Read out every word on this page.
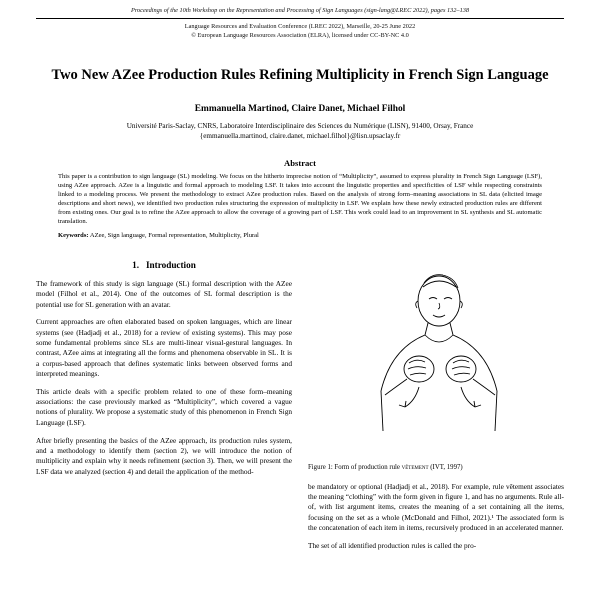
Proceedings of the 10th Workshop on the Representation and Processing of Sign Languages (sign-lang@LREC 2022), pages 132–138
Language Resources and Evaluation Conference (LREC 2022), Marseille, 20-25 June 2022
© European Language Resources Association (ELRA), licensed under CC-BY-NC 4.0
Two New AZee Production Rules Refining Multiplicity in French Sign Language
Emmanuella Martinod, Claire Danet, Michael Filhol
Université Paris-Saclay, CNRS, Laboratoire Interdisciplinaire des Sciences du Numérique (LISN), 91400, Orsay, France
{emmanuella.martinod, claire.danet, michael.filhol}@lisn.upsaclay.fr
Abstract
This paper is a contribution to sign language (SL) modeling. We focus on the hitherto imprecise notion of “Multiplicity”, assumed to express plurality in French Sign Language (LSF), using AZee approach. AZee is a linguistic and formal approach to modeling LSF. It takes into account the linguistic properties and specificities of LSF while respecting constraints linked to a modeling process. We present the methodology to extract AZee production rules. Based on the analysis of strong form–meaning associations in SL data (elicited image descriptions and short news), we identified two production rules structuring the expression of multiplicity in LSF. We explain how these newly extracted production rules are different from existing ones. Our goal is to refine the AZee approach to allow the coverage of a growing part of LSF. This work could lead to an improvement in SL synthesis and SL automatic translation.
Keywords: AZee, Sign language, Formal representation, Multiplicity, Plural
1. Introduction

The framework of this study is sign language (SL) formal description with the AZee model (Filhol et al., 2014). One of the outcomes of SL formal description is the potential use for SL generation with an avatar.

Current approaches are often elaborated based on spoken languages, which are linear systems (see (Hadjadj et al., 2018) for a review of existing systems). This may pose some fundamental problems since SLs are multi-linear visual-gestural languages. In contrast, AZee aims at integrating all the forms and phenomena observable in SL. It is a corpus-based approach that defines systematic links between observed forms and interpreted meanings.

This article deals with a specific problem related to one of these form–meaning associations: the case previously marked as “Multiplicity”, which covered a vague notions of plurality. We propose a systematic study of this phenomenon in French Sign Language (LSF).

After briefly presenting the basics of the AZee approach, its production rules system, and a methodology to identify them (section 2), we will introduce the notion of multiplicity and explain why it needs refinement (section 3). Then, we will present the LSF data we analyzed (section 4) and detail the application of the method-	Figure 1: Form of production rule vêtement (IVT, 1997)

be mandatory or optional (Hadjadj et al., 2018). For example, rule vêtement associates the meaning “clothing” with the form given in figure 1, and has no arguments. Rule all-of, with list argument items, creates the meaning of a set containing all the items, focusing on the set as a whole (McDonald and Filhol, 2021).¹ The associated form is the concatenation of each item in items, recursively produced in an accelerated manner.

The set of all identified production rules is called the pro-
